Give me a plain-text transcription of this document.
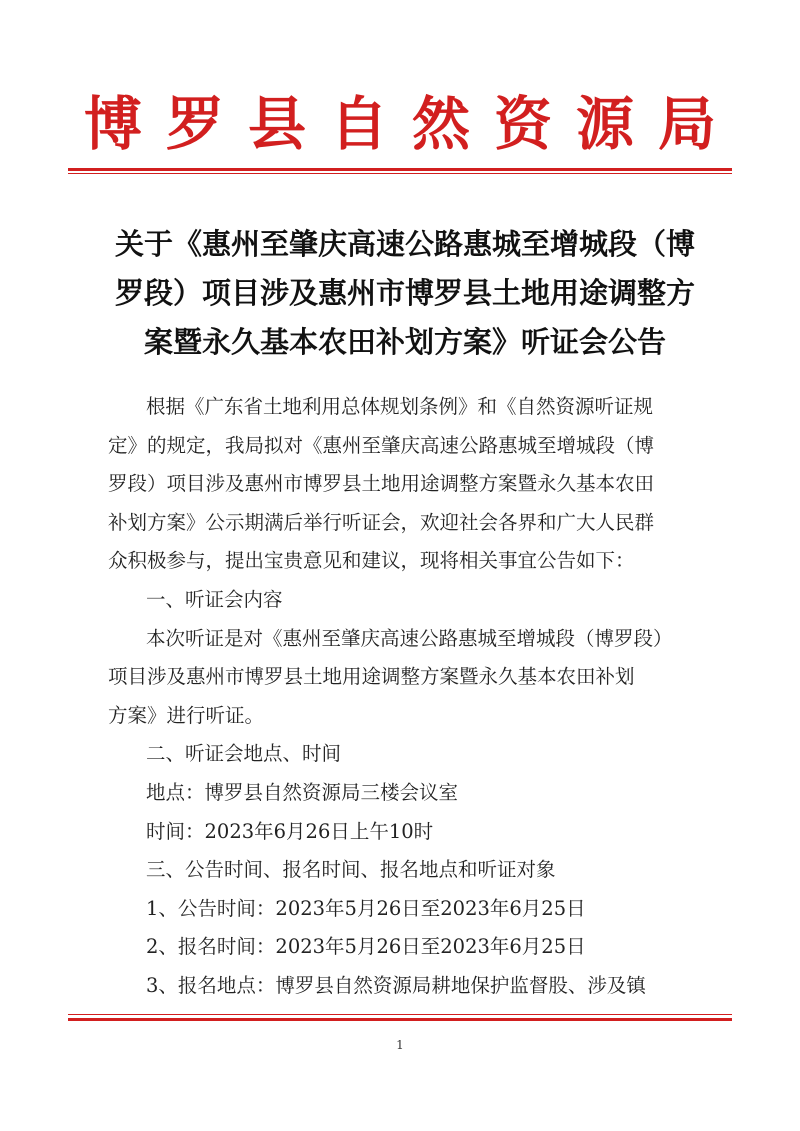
博罗县自然资源局
关于《惠州至肇庆高速公路惠城至增城段（博
罗段）项目涉及惠州市博罗县土地用途调整方
案暨永久基本农田补划方案》听证会公告
根据《广东省土地利用总体规划条例》和《自然资源听证规
定》的规定，我局拟对《惠州至肇庆高速公路惠城至增城段（博
罗段）项目涉及惠州市博罗县土地用途调整方案暨永久基本农田
补划方案》公示期满后举行听证会，欢迎社会各界和广大人民群
众积极参与，提出宝贵意见和建议，现将相关事宜公告如下：
一、听证会内容
本次听证是对《惠州至肇庆高速公路惠城至增城段（博罗段）
项目涉及惠州市博罗县土地用途调整方案暨永久基本农田补划
方案》进行听证。
二、听证会地点、时间
地点：博罗县自然资源局三楼会议室
时间：2023年6月26日上午10时
三、公告时间、报名时间、报名地点和听证对象
1、公告时间：2023年5月26日至2023年6月25日
2、报名时间：2023年5月26日至2023年6月25日
3、报名地点：博罗县自然资源局耕地保护监督股、涉及镇
1
